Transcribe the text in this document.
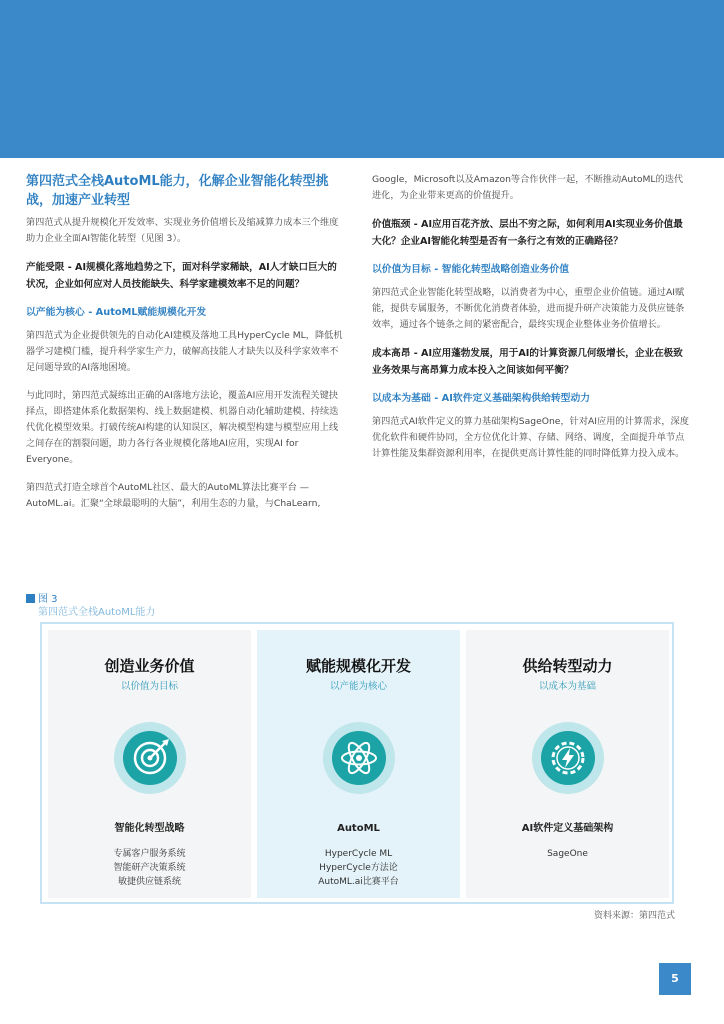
第四范式全栈AutoML能力，化解企业智能化转型挑战，加速产业转型
第四范式从提升规模化开发效率、实现业务价值增长及缩减算力成本三个维度助力企业全面AI智能化转型（见图 3）。
产能受限 - AI规模化落地趋势之下，面对科学家稀缺，AI人才缺口巨大的状况，企业如何应对人员技能缺失、科学家建模效率不足的问题？
以产能为核心 - AutoML赋能规模化开发
第四范式为企业提供领先的自动化AI建模及落地工具HyperCycle ML，降低机器学习建模门槛，提升科学家生产力，破解高技能人才缺失以及科学家效率不足问题导致的AI落地困境。
与此同时，第四范式凝练出正确的AI落地方法论，覆盖AI应用开发流程关键抉择点，即搭建体系化数据架构、线上数据建模、机器自动化辅助建模、持续迭代优化模型效果。打破传统AI构建的认知误区，解决模型构建与模型应用上线之间存在的割裂问题，助力各行各业规模化落地AI应用，实现AI for Everyone。
第四范式打造全球首个AutoML社区、最大的AutoML算法比赛平台 — AutoML.ai。汇聚“全球最聪明的大脑”，利用生态的力量，与ChaLearn,
Google，Microsoft以及Amazon等合作伙伴一起，不断推动AutoML的迭代进化，为企业带来更高的价值提升。
价值瓶颈 - AI应用百花齐放、层出不穷之际，如何利用AI实现业务价值最大化？企业AI智能化转型是否有一条行之有效的正确路径？
以价值为目标 - 智能化转型战略创造业务价值
第四范式企业智能化转型战略，以消费者为中心，重塑企业价值链。通过AI赋能，提供专属服务，不断优化消费者体验，进而提升研产决策能力及供应链条效率，通过各个链条之间的紧密配合，最终实现企业整体业务价值增长。
成本高昂 - AI应用蓬勃发展，用于AI的计算资源几何级增长，企业在极致业务效果与高昂算力成本投入之间该如何平衡？
以成本为基础 - AI软件定义基础架构供给转型动力
第四范式AI软件定义的算力基础架构SageOne，针对AI应用的计算需求，深度优化软件和硬件协同，全方位优化计算、存储、网络、调度，全面提升单节点计算性能及集群资源利用率，在提供更高计算性能的同时降低算力投入成本。
图 3
第四范式全栈AutoML能力
创造业务价值
以价值为目标
智能化转型战略
专属客户服务系统
智能研产决策系统
敏捷供应链系统
赋能规模化开发
以产能为核心
AutoML
HyperCycle ML
HyperCycle方法论
AutoML.ai比赛平台
供给转型动力
以成本为基础
AI软件定义基础架构
SageOne
资料来源：第四范式
5
